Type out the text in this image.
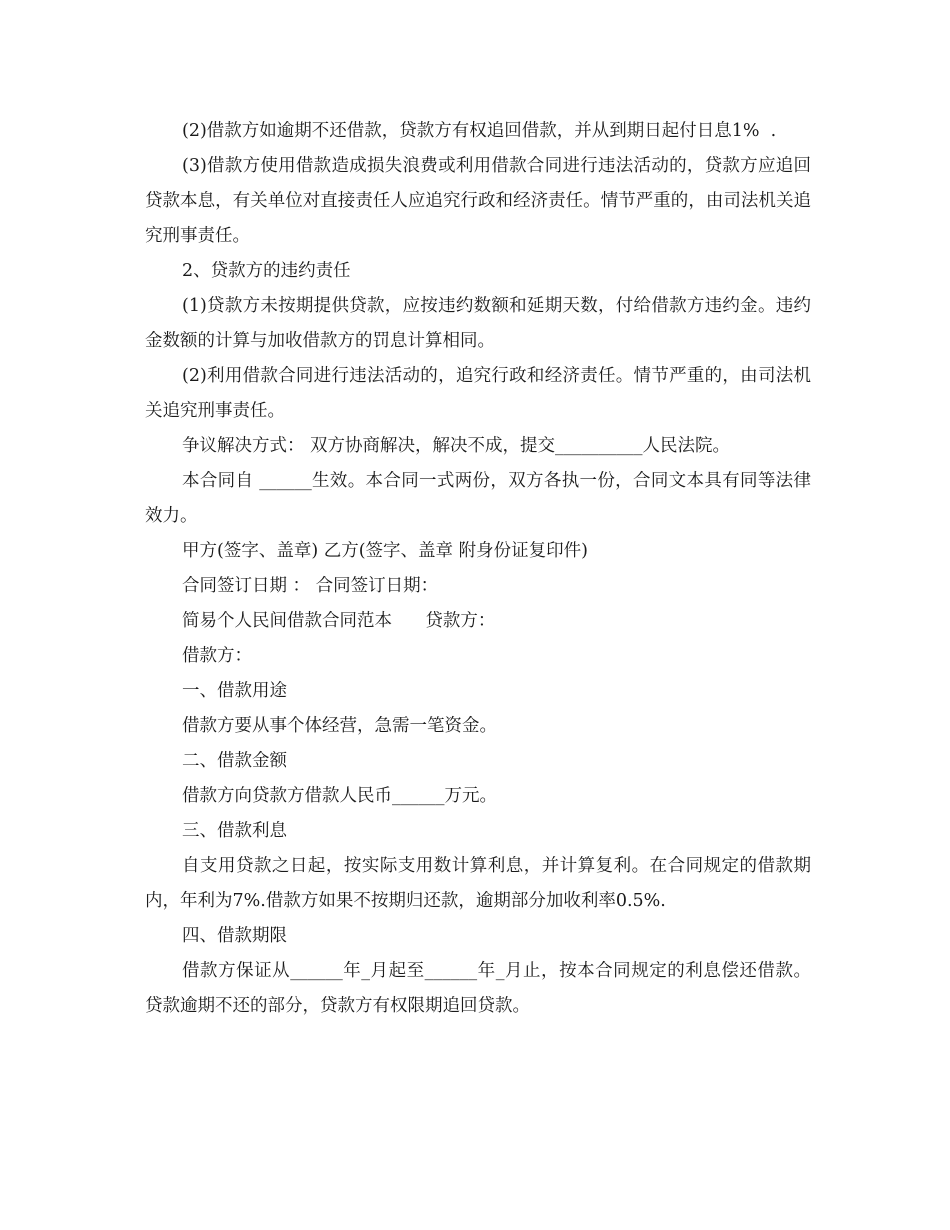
(2)借款方如逾期不还借款，贷款方有权追回借款，并从到期日起付日息1%  .

(3)借款方使用借款造成损失浪费或利用借款合同进行违法活动的，贷款方应追回贷款本息，有关单位对直接责任人应追究行政和经济责任。情节严重的，由司法机关追究刑事责任。

2、贷款方的违约责任

(1)贷款方未按期提供贷款，应按违约数额和延期天数，付给借款方违约金。违约金数额的计算与加收借款方的罚息计算相同。

(2)利用借款合同进行违法活动的，追究行政和经济责任。情节严重的，由司法机关追究刑事责任。

争议解决方式： 双方协商解决，解决不成，提交__________人民法院。

本合同自 ______生效。本合同一式两份，双方各执一份，合同文本具有同等法律效力。

甲方(签字、盖章) 乙方(签字、盖章 附身份证复印件)

合同签订日期 ： 合同签订日期：

简易个人民间借款合同范本      贷款方：

借款方：

一、借款用途

借款方要从事个体经营，急需一笔资金。

二、借款金额

借款方向贷款方借款人民币______万元。

三、借款利息

自支用贷款之日起，按实际支用数计算利息，并计算复利。在合同规定的借款期内，年利为7%.借款方如果不按期归还款，逾期部分加收利率0.5%.

四、借款期限

借款方保证从______年_月起至______年_月止，按本合同规定的利息偿还借款。贷款逾期不还的部分，贷款方有权限期追回贷款。
